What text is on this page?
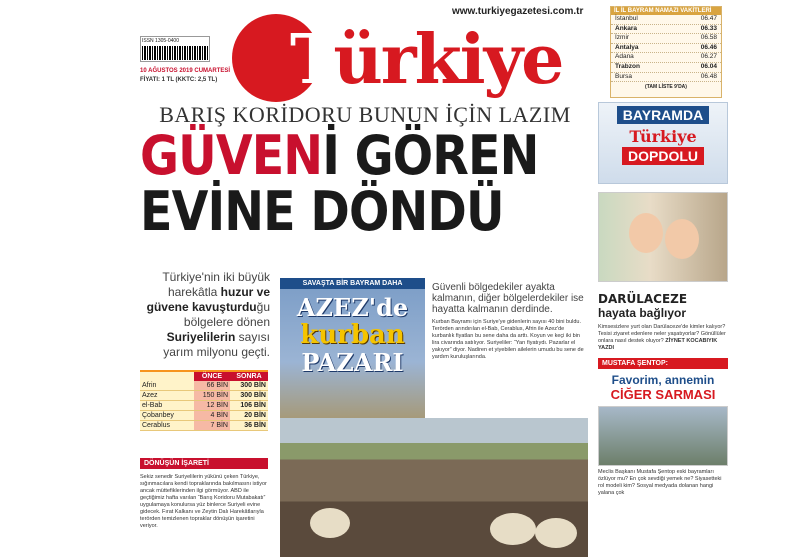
www.turkiyegazetesi.com.tr
ISSN 1305-0400
10 AĞUSTOS 2019 CUMARTESİ
FİYATI: 1 TL (KKTC: 2,5 TL) Türkiye
İL İL BAYRAM NAMAZI VAKİTLERİ
İstanbul	06.47
Ankara	06.33
İzmir	06.58
Antalya	06.46
Adana	06.27
Trabzon	06.04
Bursa	06.48
(TAM LİSTE 9'DA)
BARIŞ KORİDORU BUNUN İÇİN LAZIM
GÜVENİ GÖREN
EVİNE DÖNDÜ

Türkiye'nin iki büyük harekâtla huzur ve güvene kavuşturduğu bölgelere dönen Suriyelilerin sayısı yarım milyonu geçti.

ÖNCE	SONRA
Afrin	66 BİN	300 BİN
Azez	150 BİN	300 BİN
el-Bab	12 BİN	106 BİN
Çobanbey	4 BİN	20 BİN
Cerablus	7 BİN	36 BİN
DÖNÜŞÜN İŞARETİ
Sekiz senedir Suriyelilerin yükünü çeken Türkiye, sığınmacılara kendi topraklarında bakılmasını istiyor ancak müttefiklerinden ilgi görmüyor. ABD ile geçtiğimiz hafta varılan “Barış Koridoru Mutabakatı” uygulamaya konulursa yüz binlerce Suriyeli evine gidecek. Fırat Kalkanı ve Zeytin Dalı Harekâtlarıyla terörden temizlenen topraklar dönüşün işaretini veriyor.
SAVAŞTA BİR BAYRAM DAHA
AZEZ'de
kurban
PAZARI

Güvenli bölgedekiler ayakta kalmanın, diğer bölgelerdekiler ise hayatta kalmanın derdinde.

Kurban Bayramı için Suriye'ye gidenlerin sayısı 40 bini buldu. Terörden arındırılan el-Bab, Cerablus, Afrin ile Azez'de kurbanlık fiyatları bu sene daha da arttı. Koyun ve keçi iki bin lira civarında satılıyor. Suriyeliler: “Yarı fiyatıydı. Pazarlar el yakıyor” diyor. Nadiren et yiyebilen ailelerin umudu bu sene de yardım kuruluşlarında.

BAYRAMDA
Türkiye
DOPDOLU
DARÜLACEZE
hayata bağlıyor
Kimsesizlere yurt olan Darülaceze'de kimler kalıyor? Tesisi ziyaret edenlere neler yaşatıyorlar? Gönüllüler onlara nasıl destek oluyor? ZİYNET KOCABIYIK YAZDI
MUSTAFA ŞENTOP:
Favorim, annemin
CİĞER SARMASI
Meclis Başkanı Mustafa Şentop eski bayramları özlüyor mu? En çok sevdiği yemek ne? Siyasetteki rol modeli kim? Sosyal medyada dolanan hangi yalana çok
